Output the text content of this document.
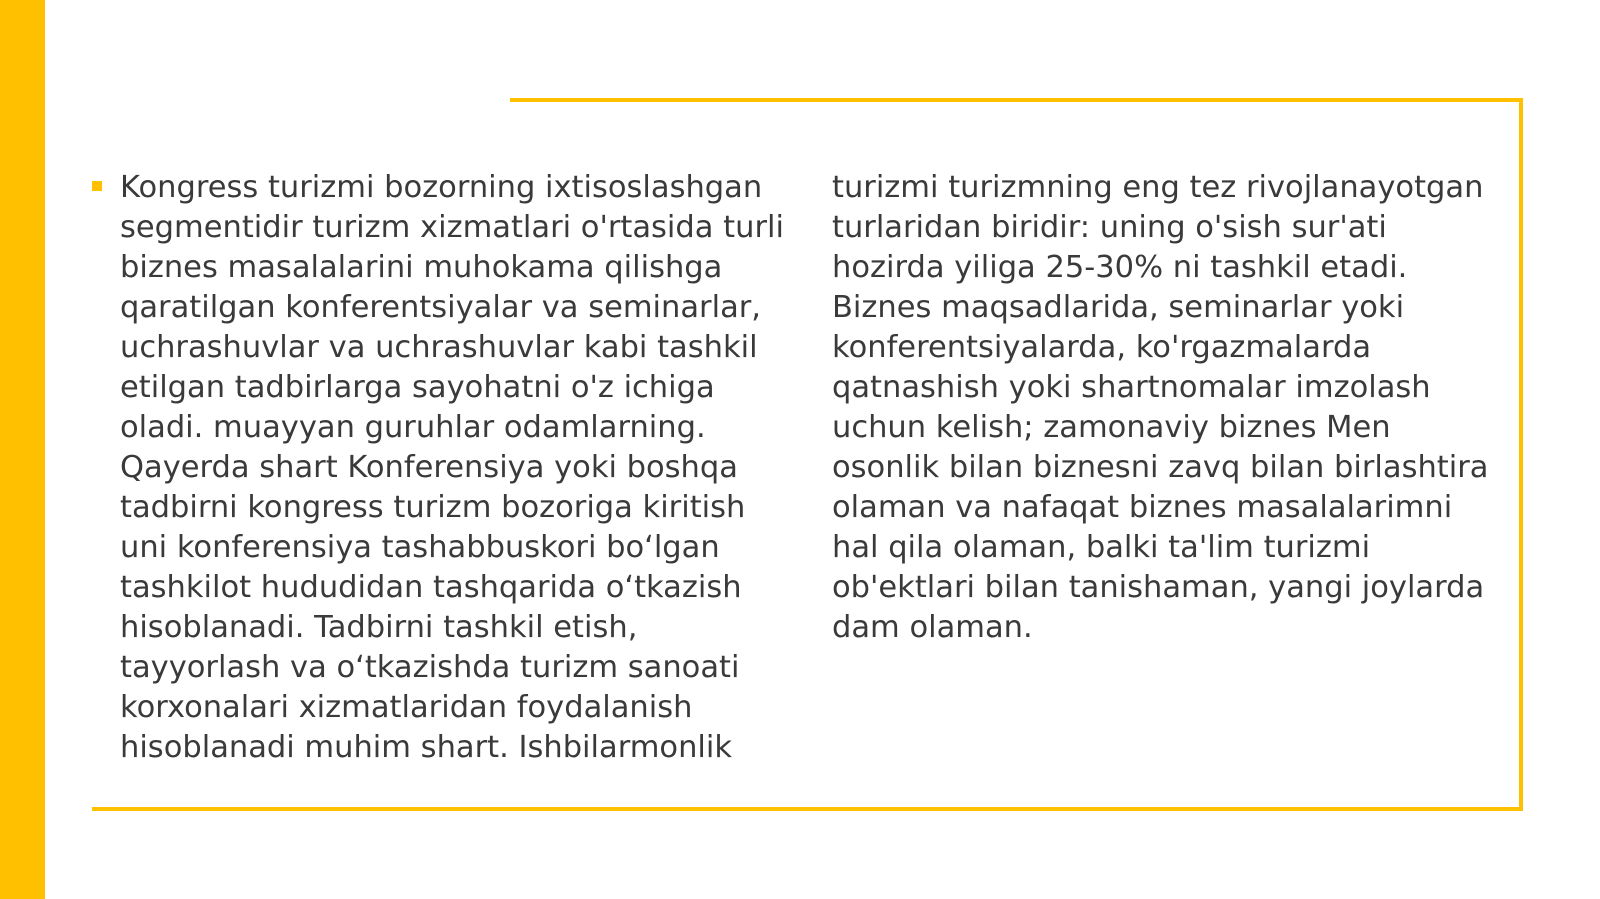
Kongress turizmi bozorning ixtisoslashgan segmentidir turizm xizmatlari o'rtasida turli biznes masalalarini muhokama qilishga qaratilgan konferentsiyalar va seminarlar, uchrashuvlar va uchrashuvlar kabi tashkil etilgan tadbirlarga sayohatni o'z ichiga oladi. muayyan guruhlar odamlarning. Qayerda shart Konferensiya yoki boshqa tadbirni kongress turizm bozoriga kiritish uni konferensiya tashabbuskori bo‘lgan tashkilot hududidan tashqarida o‘tkazish hisoblanadi. Tadbirni tashkil etish, tayyorlash va o‘tkazishda turizm sanoati korxonalari xizmatlaridan foydalanish hisoblanadi muhim shart. Ishbilarmonlik turizmi turizmning eng tez rivojlanayotgan turlaridan biridir: uning o'sish sur'ati hozirda yiliga 25-30% ni tashkil etadi. Biznes maqsadlarida, seminarlar yoki konferentsiyalarda, ko'rgazmalarda qatnashish yoki shartnomalar imzolash uchun kelish; zamonaviy biznes Men osonlik bilan biznesni zavq bilan birlashtira olaman va nafaqat biznes masalalarimni hal qila olaman, balki ta'lim turizmi ob'ektlari bilan tanishaman, yangi joylarda dam olaman.
